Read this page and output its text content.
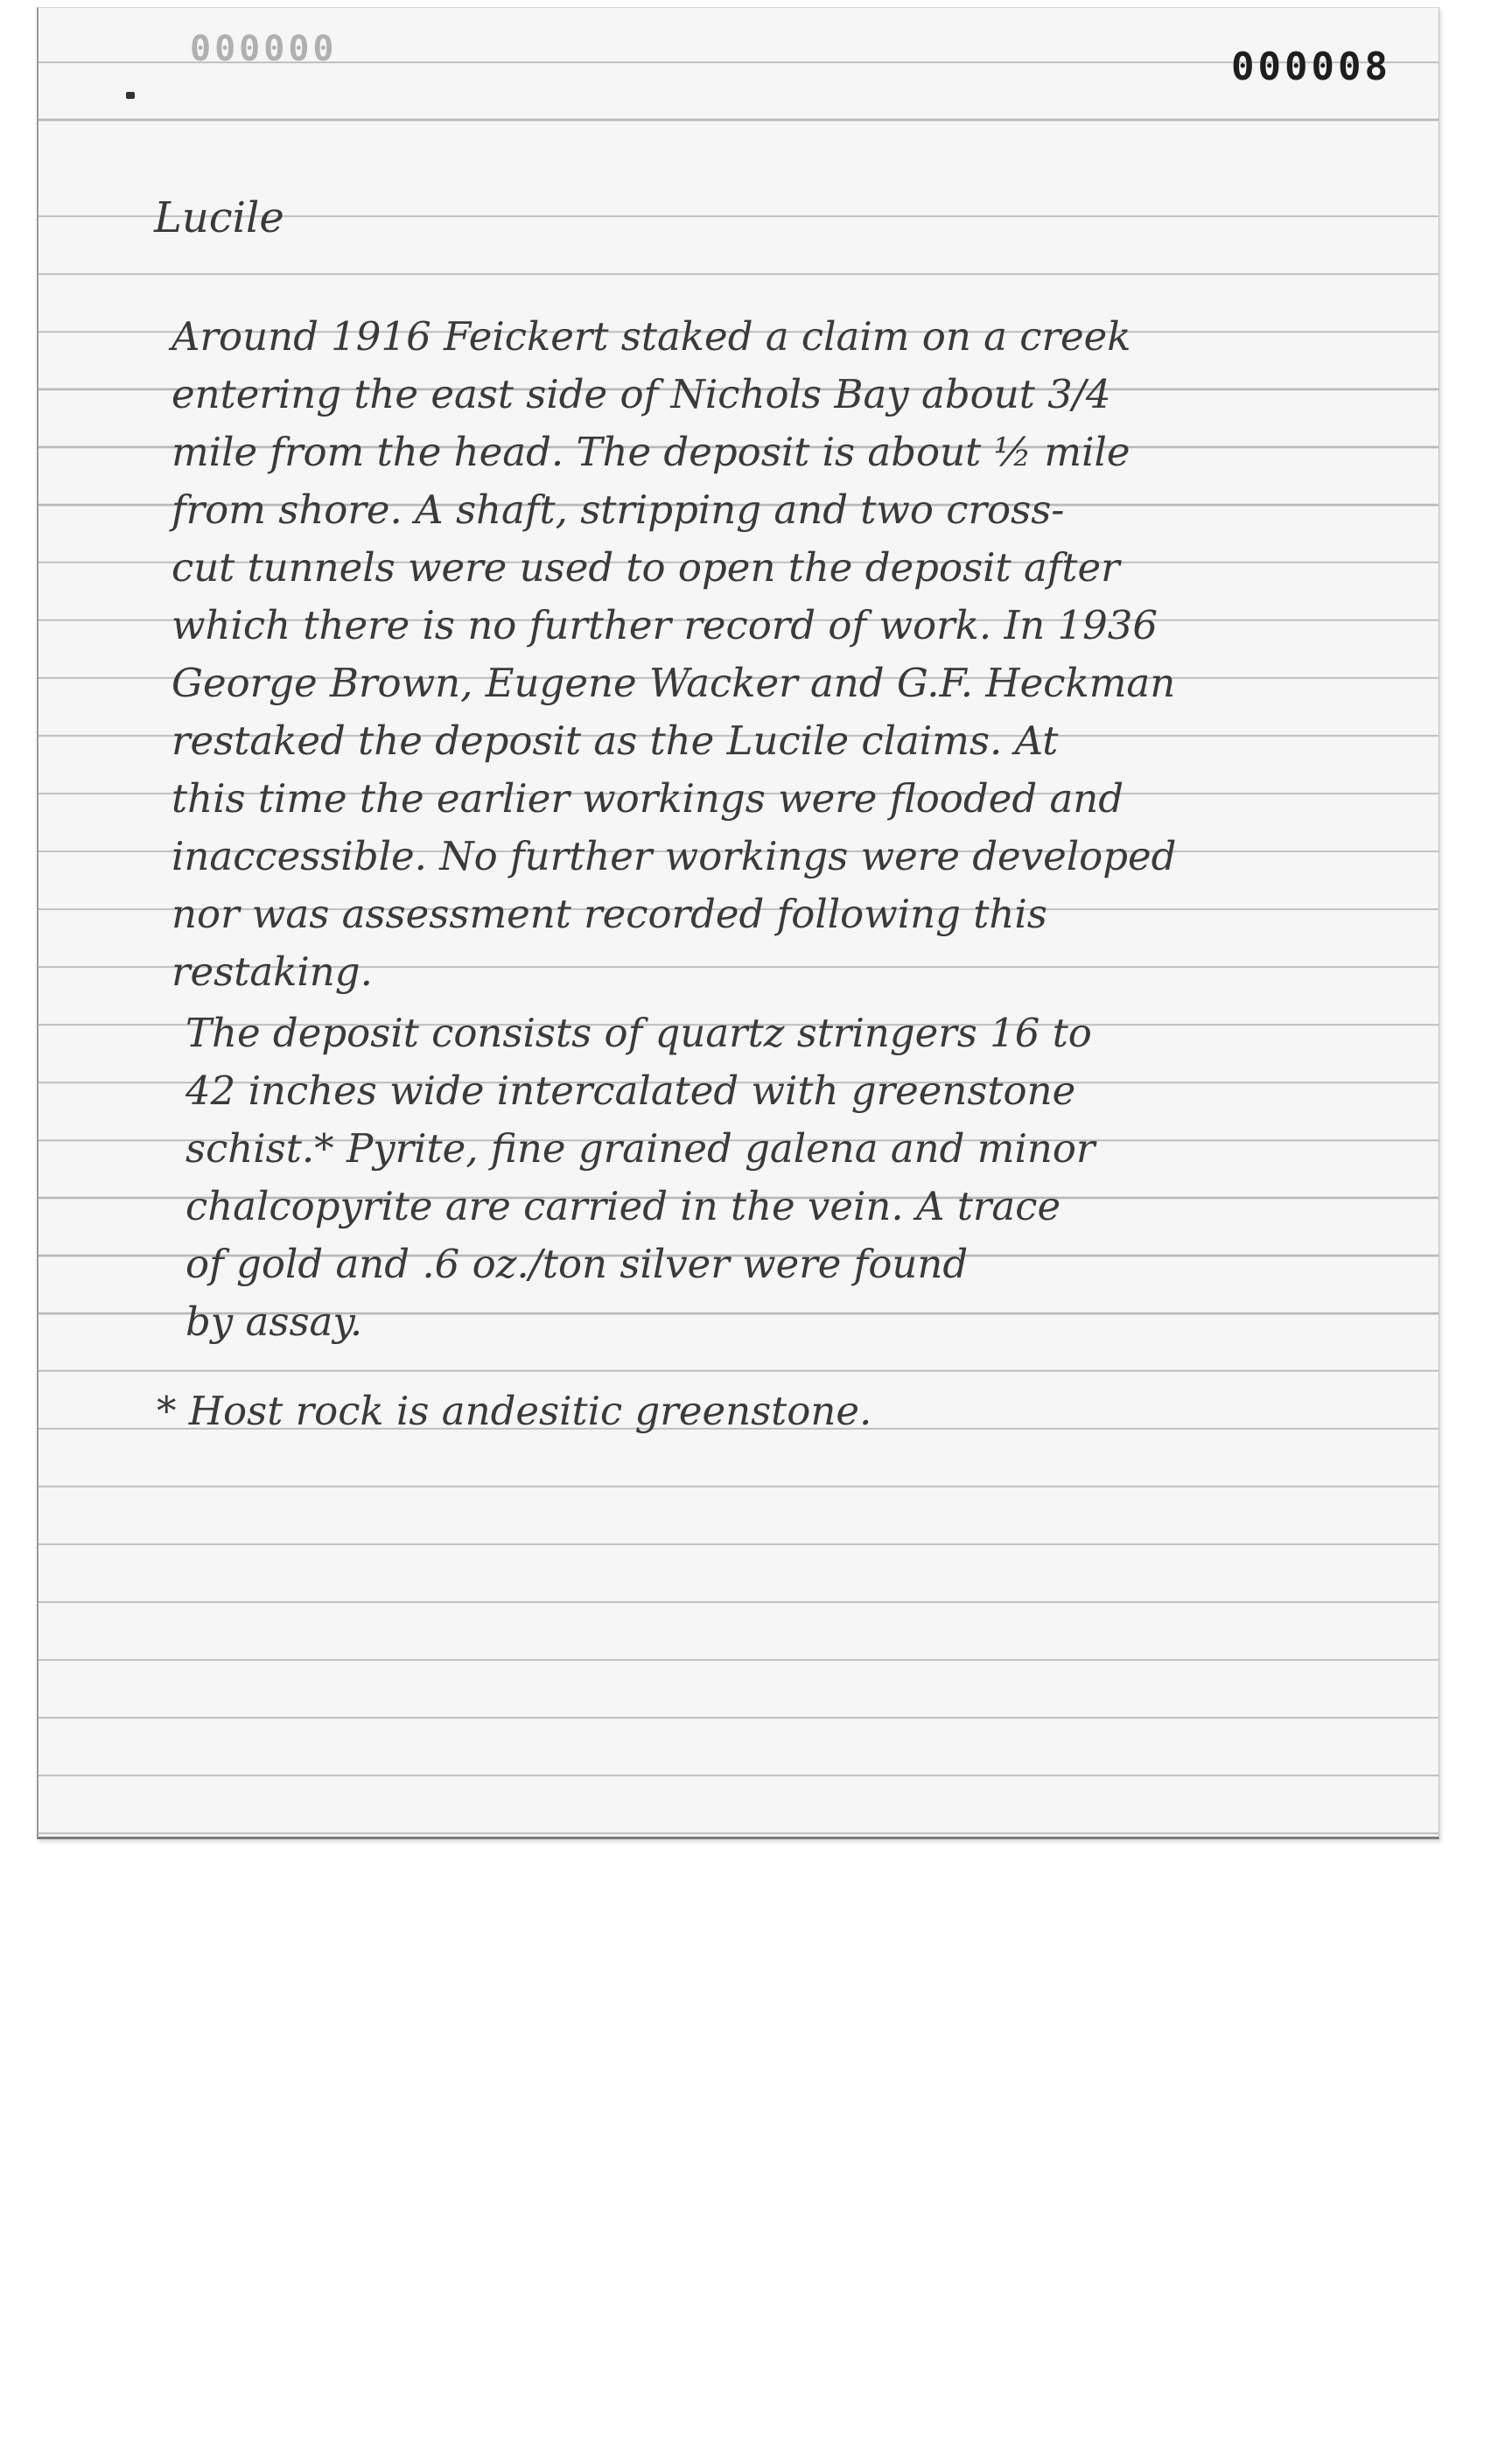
000000	000008
Lucile
Around 1916 Feickert staked a claim on a creek
entering the east side of Nichols Bay about 3/4
mile from the head. The deposit is about ½ mile
from shore. A shaft, stripping and two cross-
cut tunnels were used to open the deposit after
which there is no further record of work. In 1936
George Brown, Eugene Wacker and G.F. Heckman
restaked the deposit as the Lucile claims. At
this time the earlier workings were flooded and
inaccessible. No further workings were developed
nor was assessment recorded following this
restaking.
The deposit consists of quartz stringers 16 to
42 inches wide intercalated with greenstone
schist.* Pyrite, fine grained galena and minor
chalcopyrite are carried in the vein. A trace
of gold and .6 oz./ton silver were found
by assay.
* Host rock is andesitic greenstone.
